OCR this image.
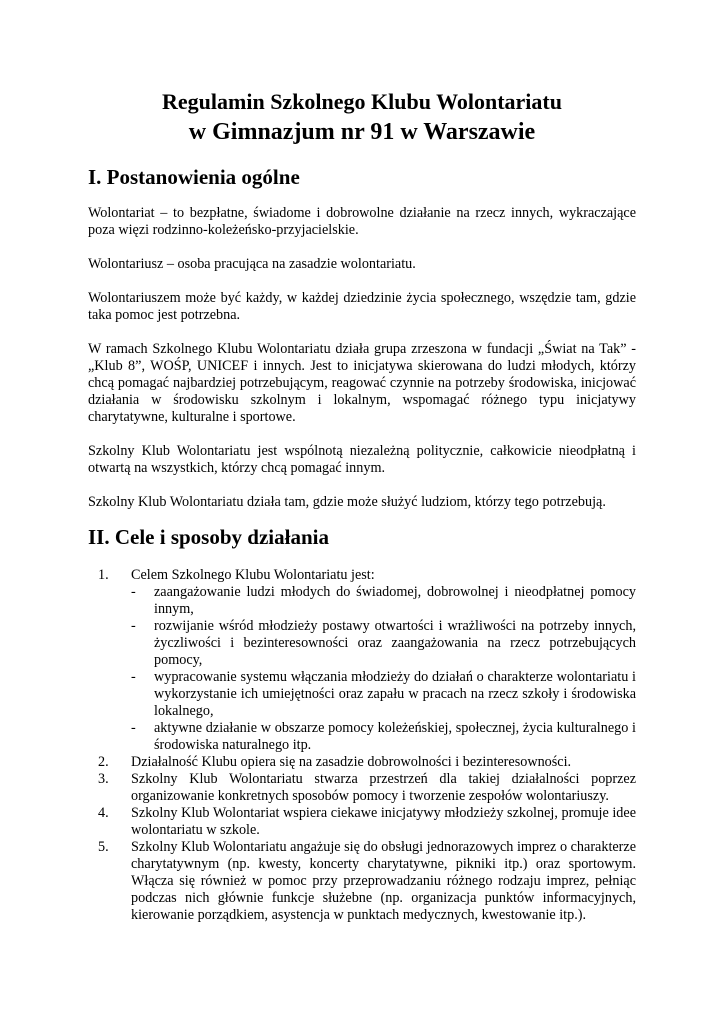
Regulamin Szkolnego Klubu Wolontariatu
w Gimnazjum nr 91 w Warszawie
I. Postanowienia ogólne
Wolontariat – to bezpłatne, świadome i dobrowolne działanie na rzecz innych, wykraczające poza więzi rodzinno-koleżeńsko-przyjacielskie.
Wolontariusz – osoba pracująca na zasadzie wolontariatu.
Wolontariuszem może być każdy, w każdej dziedzinie życia społecznego, wszędzie tam, gdzie taka pomoc jest potrzebna.
W ramach Szkolnego Klubu Wolontariatu działa grupa zrzeszona w fundacji „Świat na Tak” - „Klub 8”, WOŚP, UNICEF i innych. Jest to inicjatywa skierowana do ludzi młodych, którzy chcą pomagać najbardziej potrzebującym, reagować czynnie na potrzeby środowiska, inicjować działania w środowisku szkolnym i lokalnym, wspomagać różnego typu inicjatywy charytatywne, kulturalne i sportowe.
Szkolny Klub Wolontariatu jest wspólnotą niezależną politycznie, całkowicie nieodpłatną i otwartą na wszystkich, którzy chcą pomagać innym.
Szkolny Klub Wolontariatu działa tam, gdzie może służyć ludziom, którzy tego potrzebują.
II. Cele i sposoby działania
1. Celem Szkolnego Klubu Wolontariatu jest:
- zaangażowanie ludzi młodych do świadomej, dobrowolnej i nieodpłatnej pomocy innym,
- rozwijanie wśród młodzieży postawy otwartości i wrażliwości na potrzeby innych, życzliwości i bezinteresowności oraz zaangażowania na rzecz potrzebujących pomocy,
- wypracowanie systemu włączania młodzieży do działań o charakterze wolontariatu i wykorzystanie ich umiejętności oraz zapału w pracach na rzecz szkoły i środowiska lokalnego,
- aktywne działanie w obszarze pomocy koleżeńskiej, społecznej, życia kulturalnego i środowiska naturalnego itp.
2. Działalność Klubu opiera się na zasadzie dobrowolności i bezinteresowności.
3. Szkolny Klub Wolontariatu stwarza przestrzeń dla takiej działalności poprzez organizowanie konkretnych sposobów pomocy i tworzenie zespołów wolontariuszy.
4. Szkolny Klub Wolontariat wspiera ciekawe inicjatywy młodzieży szkolnej, promuje idee wolontariatu w szkole.
5. Szkolny Klub Wolontariatu angażuje się do obsługi jednorazowych imprez o charakterze charytatywnym (np. kwesty, koncerty charytatywne, pikniki itp.) oraz sportowym. Włącza się również w pomoc przy przeprowadzaniu różnego rodzaju imprez, pełniąc podczas nich głównie funkcje służebne (np. organizacja punktów informacyjnych, kierowanie porządkiem, asystencja w punktach medycznych, kwestowanie itp.).
